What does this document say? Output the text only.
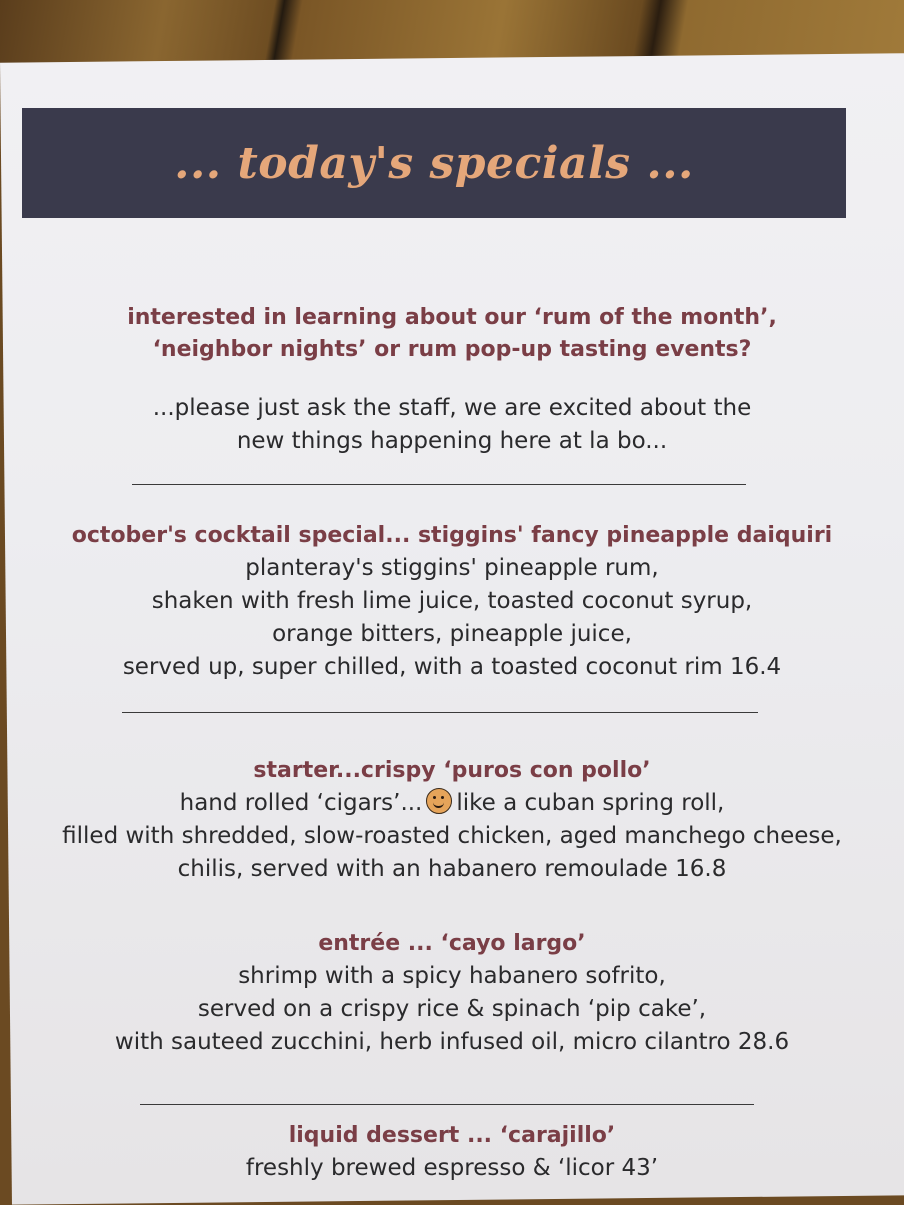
... today's specials ...
interested in learning about our ‘rum of the month’,
‘neighbor nights’ or rum pop-up tasting events?
...please just ask the staff, we are excited about the
new things happening here at la bo...
october's cocktail special... stiggins' fancy pineapple daiquiri
planteray's stiggins' pineapple rum,
shaken with fresh lime juice, toasted coconut syrup,
orange bitters, pineapple juice,
served up, super chilled, with a toasted coconut rim 16.4
starter...crispy ‘puros con pollo’
hand rolled ‘cigars’... like a cuban spring roll,
filled with shredded, slow-roasted chicken, aged manchego cheese,
chilis, served with an habanero remoulade 16.8
entrée ... ‘cayo largo’
shrimp with a spicy habanero sofrito,
served on a crispy rice & spinach ‘pip cake’,
with sauteed zucchini, herb infused oil, micro cilantro 28.6
liquid dessert ... ‘carajillo’
freshly brewed espresso & ‘licor 43’
